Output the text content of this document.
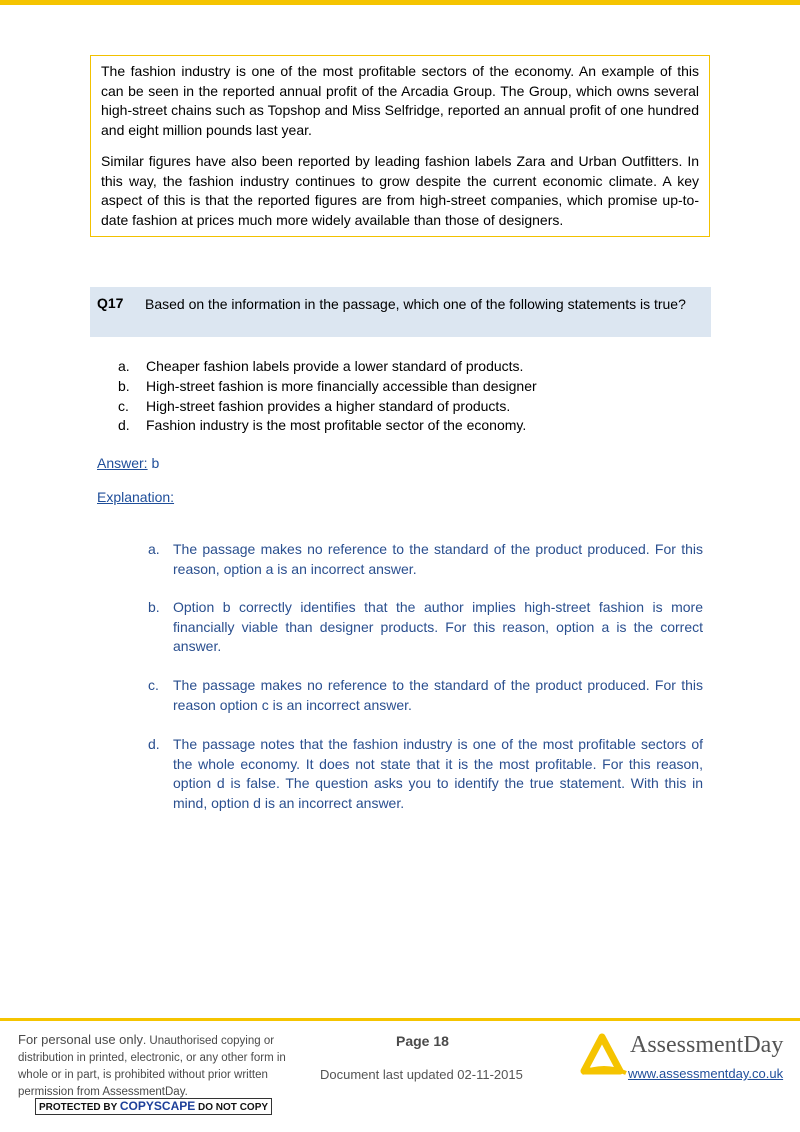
The fashion industry is one of the most profitable sectors of the economy. An example of this can be seen in the reported annual profit of the Arcadia Group. The Group, which owns several high-street chains such as Topshop and Miss Selfridge, reported an annual profit of one hundred and eight million pounds last year.

Similar figures have also been reported by leading fashion labels Zara and Urban Outfitters. In this way, the fashion industry continues to grow despite the current economic climate. A key aspect of this is that the reported figures are from high-street companies, which promise up-to-date fashion at prices much more widely available than those of designers.

Q17 Based on the information in the passage, which one of the following statements is true?
a. Cheaper fashion labels provide a lower standard of products.
b. High-street fashion is more financially accessible than designer
c. High-street fashion provides a higher standard of products.
d. Fashion industry is the most profitable sector of the economy.
Answer: b
Explanation:
a. The passage makes no reference to the standard of the product produced. For this reason, option a is an incorrect answer.
b. Option b correctly identifies that the author implies high-street fashion is more financially viable than designer products. For this reason, option a is the correct answer.
c. The passage makes no reference to the standard of the product produced. For this reason option c is an incorrect answer.
d. The passage notes that the fashion industry is one of the most profitable sectors of the whole economy. It does not state that it is the most profitable. For this reason, option d is false. The question asks you to identify the true statement. With this in mind, option d is an incorrect answer.
For personal use only. Unauthorised copying or distribution in printed, electronic, or any other form in whole or in part, is prohibited without prior written permission from AssessmentDay.
PROTECTED BY COPYSCAPE DO NOT COPY
Page 18
Document last updated 02-11-2015
AssessmentDay
www.assessmentday.co.uk
